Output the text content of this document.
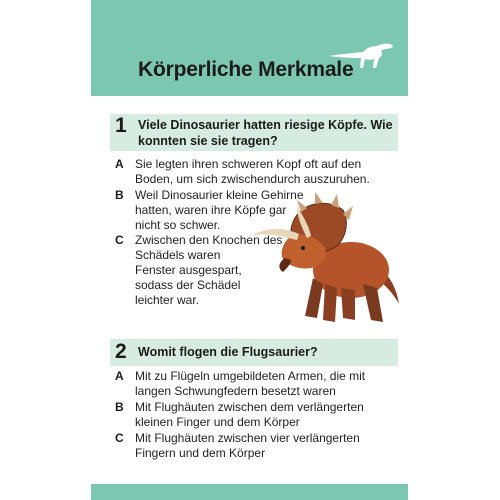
Körperliche Merkmale
1 Viele Dinosaurier hatten riesige Köpfe. Wie konnten sie sie tragen?
A Sie legten ihren schweren Kopf oft auf den
Boden, um sich zwischendurch auszuruhen.
B Weil Dinosaurier kleine Gehirne
hatten, waren ihre Köpfe gar
nicht so schwer.
C Zwischen den Knochen des
Schädels waren
Fenster ausgespart,
sodass der Schädel
leichter war.
2 Womit flogen die Flugsaurier?
A Mit zu Flügeln umgebildeten Armen, die mit
langen Schwungfedern besetzt waren
B Mit Flughäuten zwischen dem verlängerten
kleinen Finger und dem Körper
C Mit Flughäuten zwischen vier verlängerten
Fingern und dem Körper
